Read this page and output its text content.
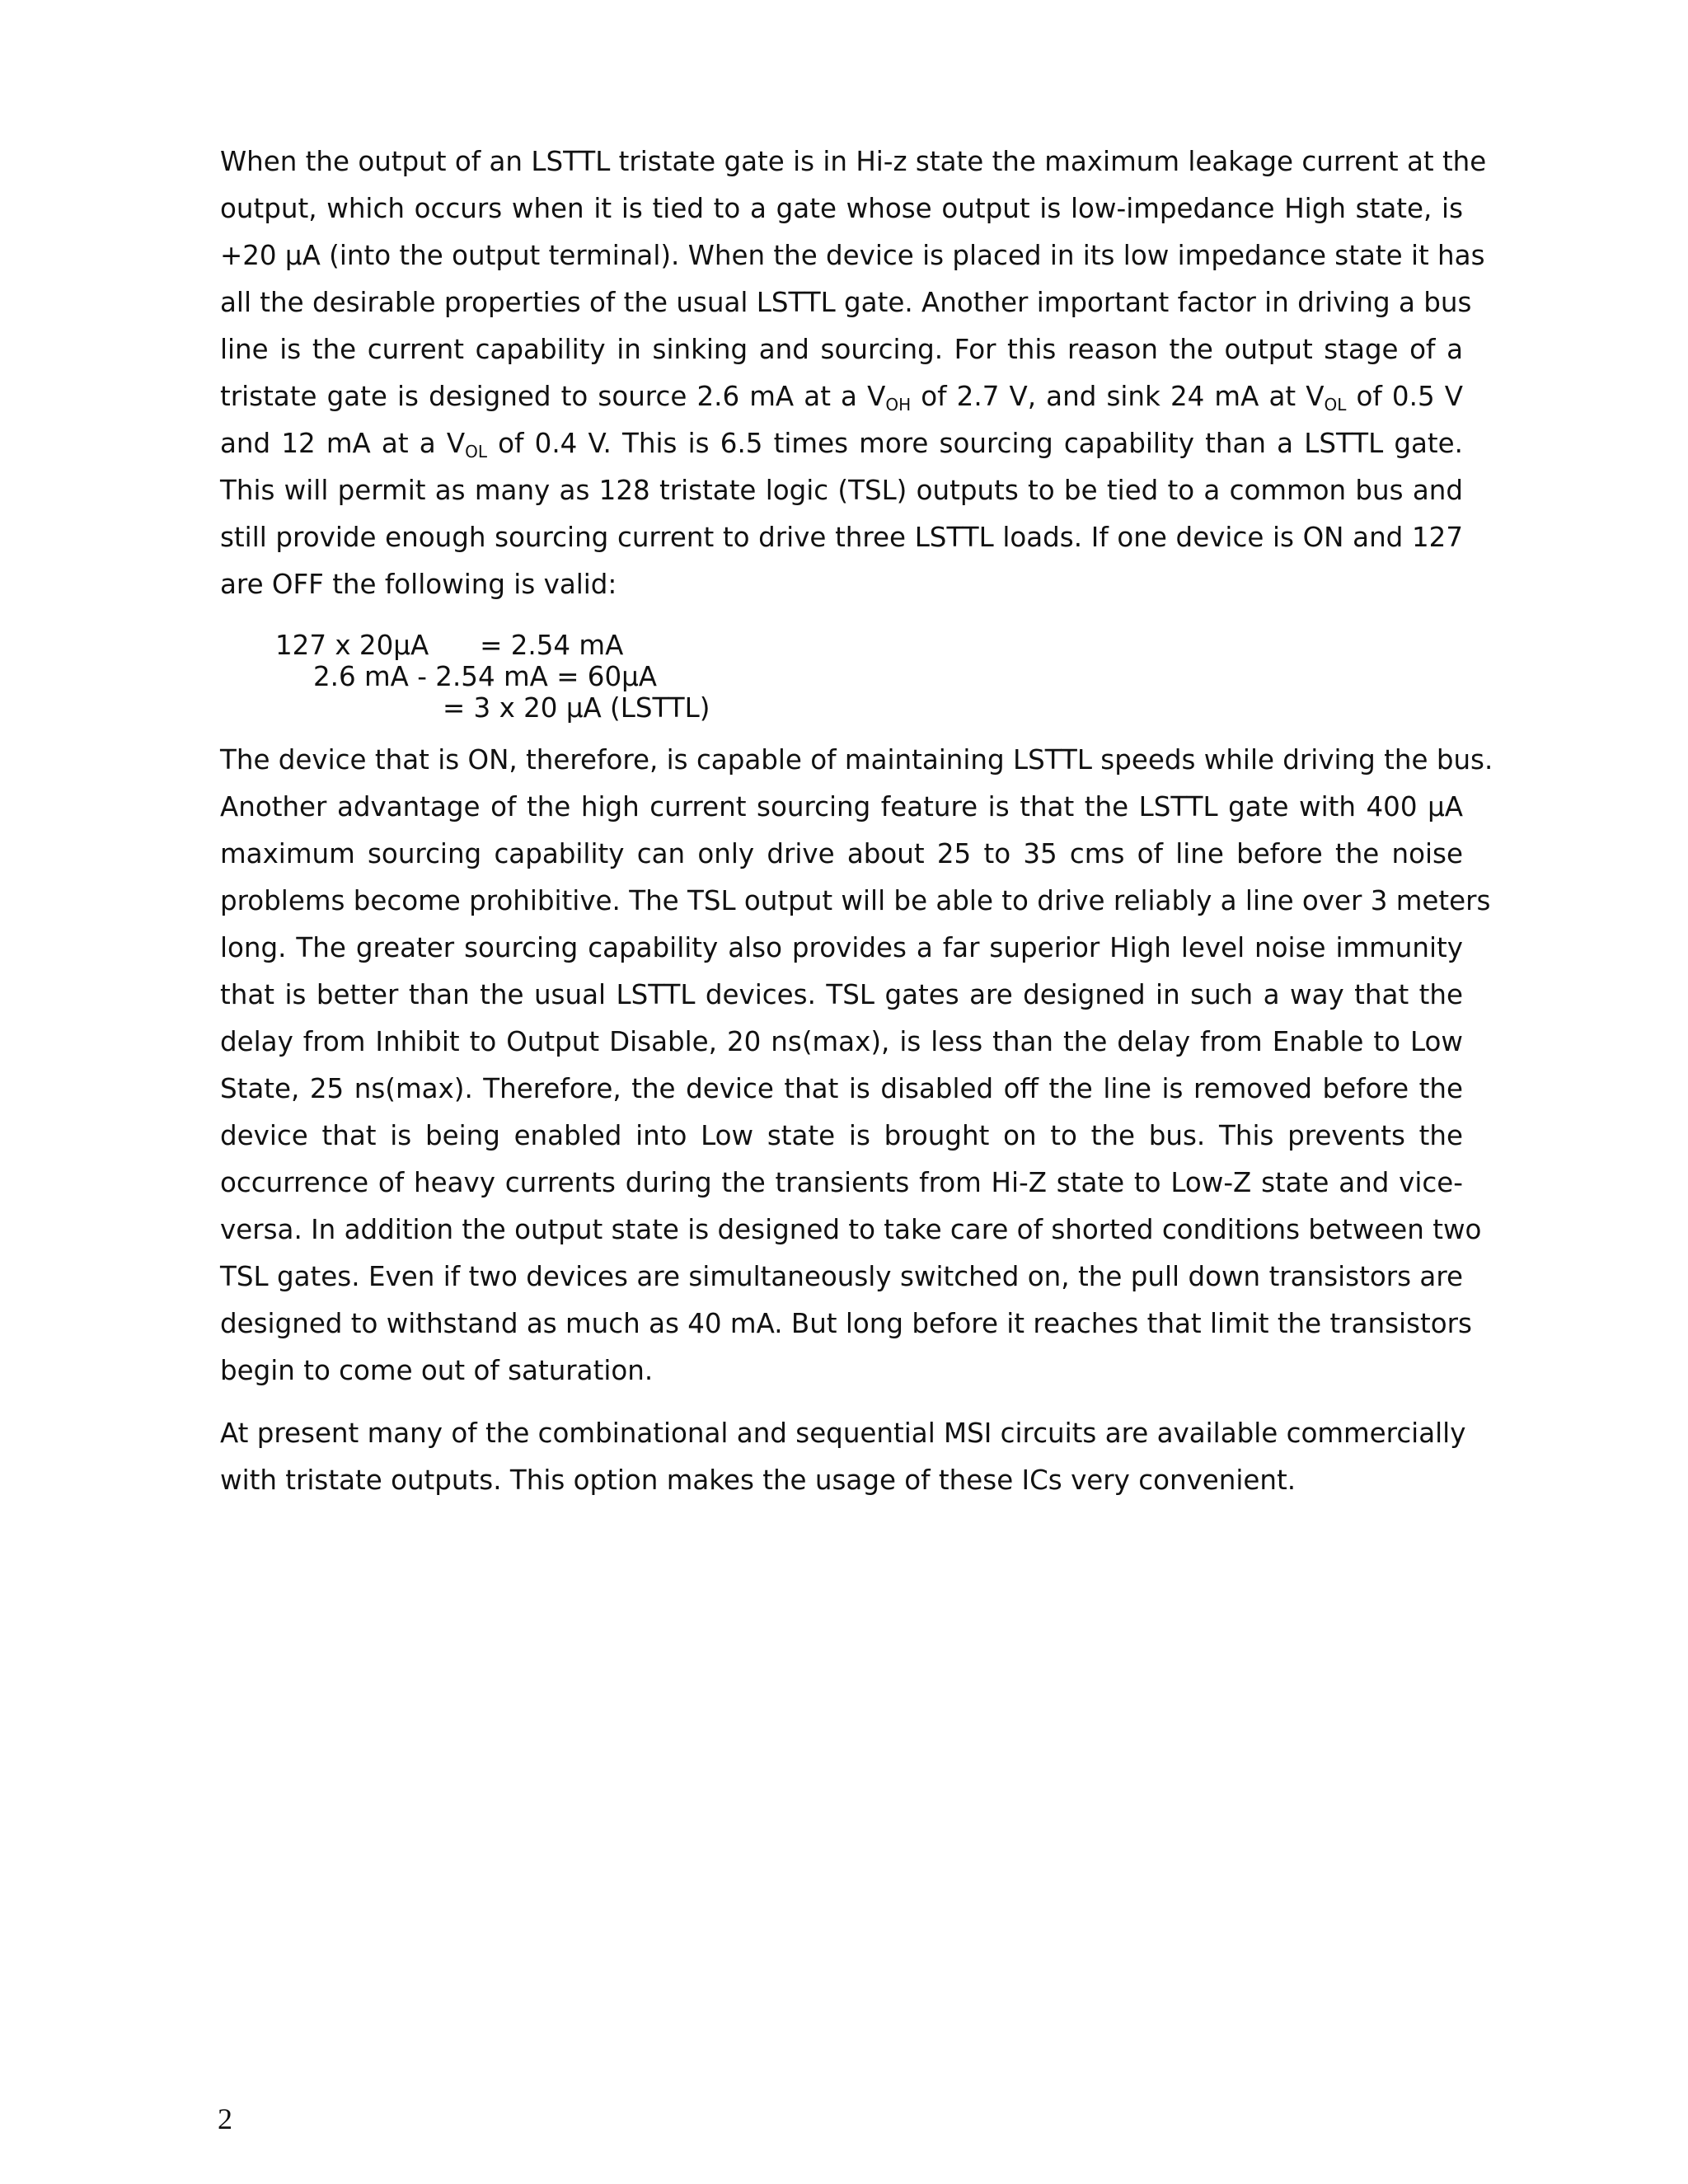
When the output of an LSTTL tristate gate is in Hi-z state the maximum leakage current at the
output, which occurs when it is tied to a gate whose output is low-impedance High state, is
+20 μA (into the output terminal). When the device is placed in its low impedance state it has
all the desirable properties of the usual LSTTL gate. Another important factor in driving a bus
line is the current capability in sinking and sourcing. For this reason the output stage of a
tristate gate is designed to source 2.6 mA at a $V_{OH}$ of 2.7 V, and sink 24 mA at $V_{OL}$ of 0.5 V
and 12 mA at a $V_{OL}$ of 0.4 V. This is 6.5 times more sourcing capability than a LSTTL gate.
This will permit as many as 128 tristate logic (TSL) outputs to be tied to a common bus and
still provide enough sourcing current to drive three LSTTL loads. If one device is ON and 127
are OFF the following is valid:
127 x 20μA      = 2.54 mA
2.6 mA - 2.54 mA = 60μA
= 3 x 20 μA (LSTTL)
The device that is ON, therefore, is capable of maintaining LSTTL speeds while driving the bus.
Another advantage of the high current sourcing feature is that the LSTTL gate with 400 μA
maximum sourcing capability can only drive about 25 to 35 cms of line before the noise
problems become prohibitive. The TSL output will be able to drive reliably a line over 3 meters
long. The greater sourcing capability also provides a far superior High level noise immunity
that is better than the usual LSTTL devices. TSL gates are designed in such a way that the
delay from Inhibit to Output Disable, 20 ns(max), is less than the delay from Enable to Low
State, 25 ns(max). Therefore, the device that is disabled off the line is removed before the
device that is being enabled into Low state is brought on to the bus. This prevents the
occurrence of heavy currents during the transients from Hi-Z state to Low-Z state and vice-
versa. In addition the output state is designed to take care of shorted conditions between two
TSL gates. Even if two devices are simultaneously switched on, the pull down transistors are
designed to withstand as much as 40 mA. But long before it reaches that limit the transistors
begin to come out of saturation.
At present many of the combinational and sequential MSI circuits are available commercially
with tristate outputs. This option makes the usage of these ICs very convenient.
2
